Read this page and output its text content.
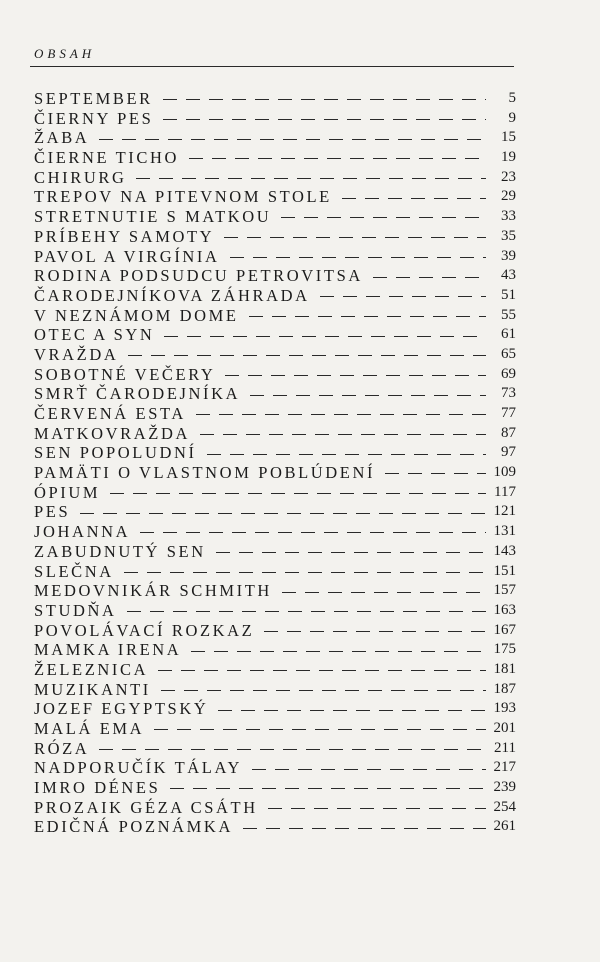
OBSAH
SEPTEMBER	5
ČIERNY PES	9
ŽABA	15
ČIERNE TICHO	19
CHIRURG	23
TREPOV NA PITEVNOM STOLE	29
STRETNUTIE S MATKOU	33
PRÍBEHY SAMOTY	35
PAVOL A VIRGÍNIA	39
RODINA PODSUDCU PETROVITSA	43
ČARODEJNÍKOVA ZÁHRADA	51
V NEZNÁMOM DOME	55
OTEC A SYN	61
VRAŽDA	65
SOBOTNÉ VEČERY	69
SMRŤ ČARODEJNÍKA	73
ČERVENÁ ESTA	77
MATKOVRAŽDA	87
SEN POPOLUDNÍ	97
PAMÄTI O VLASTNOM POBLÚDENÍ	109
ÓPIUM	117
PES	121
JOHANNA	131
ZABUDNUTÝ SEN	143
SLEČNA	151
MEDOVNIKÁR SCHMITH	157
STUDŇA	163
POVOLÁVACÍ ROZKAZ	167
MAMKA IRENA	175
ŽELEZNICA	181
MUZIKANTI	187
JOZEF EGYPTSKÝ	193
MALÁ EMA	201
RÓZA	211
NADPORUČÍK TÁLAY	217
IMRO DÉNES	239
PROZAIK GÉZA CSÁTH	254
EDIČNÁ POZNÁMKA	261
